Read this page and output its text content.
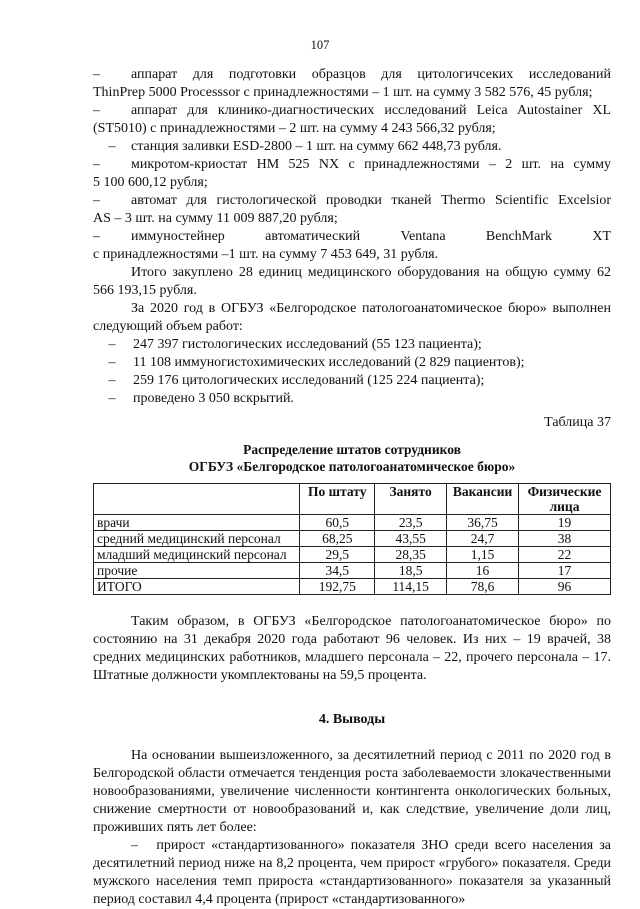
107

– аппарат для подготовки образцов для цитологичсеких исследований

ThinPrep 5000 Processsor с принадлежностями – 1 шт. на сумму 3 582 576, 45 рубля;

– аппарат для клинико-диагностических исследований Leica Autostainer XL

(ST5010) с принадлежностями – 2 шт. на сумму 4 243 566,32 рубля;

– станция заливки ESD-2800 – 1 шт. на сумму 662 448,73 рубля.

– микротом-криостат НМ 525 NX с принадлежностями – 2 шт. на сумму

5 100 600,12 рубля;

– автомат для гистологической проводки тканей Thermo Scientific Excelsior

AS – 3 шт. на сумму 11 009 887,20 рубля;

– иммуностейнер автоматический Ventana BenchMark XT

с принадлежностями –1 шт. на сумму 7 453 649, 31 рубля.

Итого закуплено 28 единиц медицинского оборудования на общую сумму 62 566 193,15 рубля.

За 2020 год в ОГБУЗ «Белгородское патологоанатомическое бюро» выполнен следующий объем работ:

–	247 397 гистологических исследований (55 123 пациента);
–	11 108 иммуногистохимических исследований (2 829 пациентов);
–	259 176 цитологических исследований (125 224 пациента);
–	проведено 3 050 вскрытий.
Таблица 37
Распределение штатов сотрудников
ОГБУЗ «Белгородское патологоанатомическое бюро»
	По штату	Занято	Вакансии	Физические лица
врачи	60,5	23,5	36,75	19
средний медицинский персонал	68,25	43,55	24,7	38
младший медицинский персонал	29,5	28,35	1,15	22
прочие	34,5	18,5	16	17
ИТОГО	192,75	114,15	78,6	96

Таким образом, в ОГБУЗ «Белгородское патологоанатомическое бюро» по состоянию на 31 декабря 2020 года работают 96 человек. Из них – 19 врачей, 38 средних медицинских работников, младшего персонала – 22, прочего персонала – 17. Штатные должности укомплектованы на 59,5 процента.

4. Выводы

На основании вышеизложенного, за десятилетний период с 2011 по 2020 год в Белгородской области отмечается тенденция роста заболеваемости злокачественными новообразованиями, увеличение численности контингента онкологических больных, снижение смертности от новообразований и, как следствие, увеличение доли лиц, проживших пять лет более:

– прирост «стандартизованного» показателя ЗНО среди всего населения за десятилетний период ниже на 8,2 процента, чем прирост «грубого» показателя. Среди мужского населения темп прироста «стандартизованного» показателя за указанный период составил 4,4 процента (прирост «стандартизованного»
